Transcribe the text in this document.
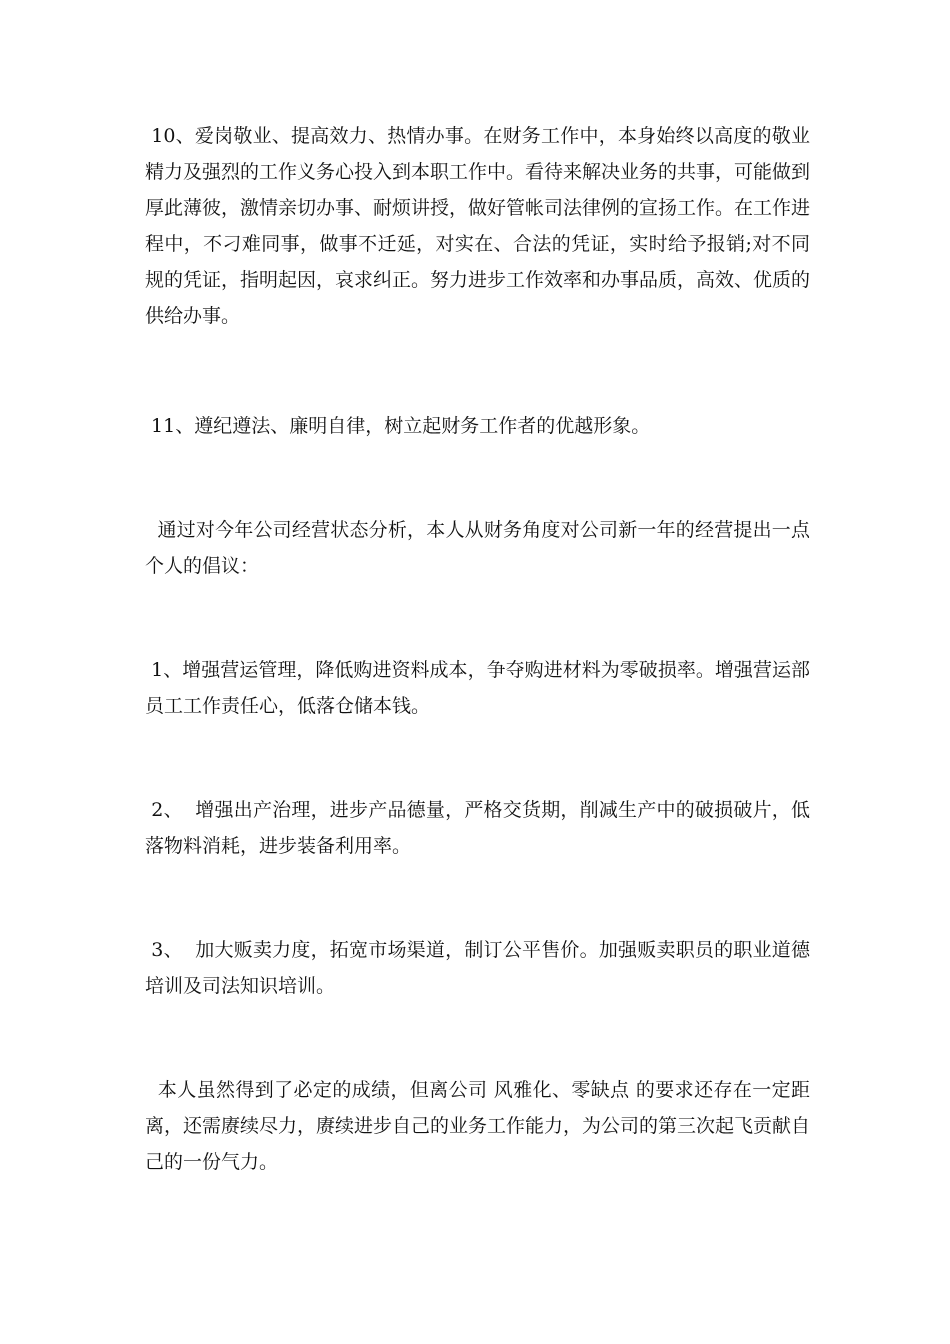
10、爱岗敬业、提高效力、热情办事。在财务工作中，本身始终以高度的敬业精力及强烈的工作义务心投入到本职工作中。看待来解决业务的共事，可能做到厚此薄彼，激情亲切办事、耐烦讲授，做好管帐司法律例的宣扬工作。在工作进程中，不刁难同事，做事不迁延，对实在、合法的凭证，实时给予报销;对不同规的凭证，指明起因，哀求纠正。努力进步工作效率和办事品质，高效、优质的供给办事。

11、遵纪遵法、廉明自律，树立起财务工作者的优越形象。

通过对今年公司经营状态分析，本人从财务角度对公司新一年的经营提出一点个人的倡议：

1、增强营运管理，降低购进资料成本，争夺购进材料为零破损率。增强营运部员工工作责任心，低落仓储本钱。

2、  增强出产治理，进步产品德量，严格交货期，削减生产中的破损破片，低落物料消耗，进步装备利用率。

3、  加大贩卖力度，拓宽市场渠道，制订公平售价。加强贩卖职员的职业道德培训及司法知识培训。

本人虽然得到了必定的成绩，但离公司 风雅化、零缺点 的要求还存在一定距离，还需赓续尽力，赓续进步自己的业务工作能力，为公司的第三次起飞贡献自己的一份气力。
